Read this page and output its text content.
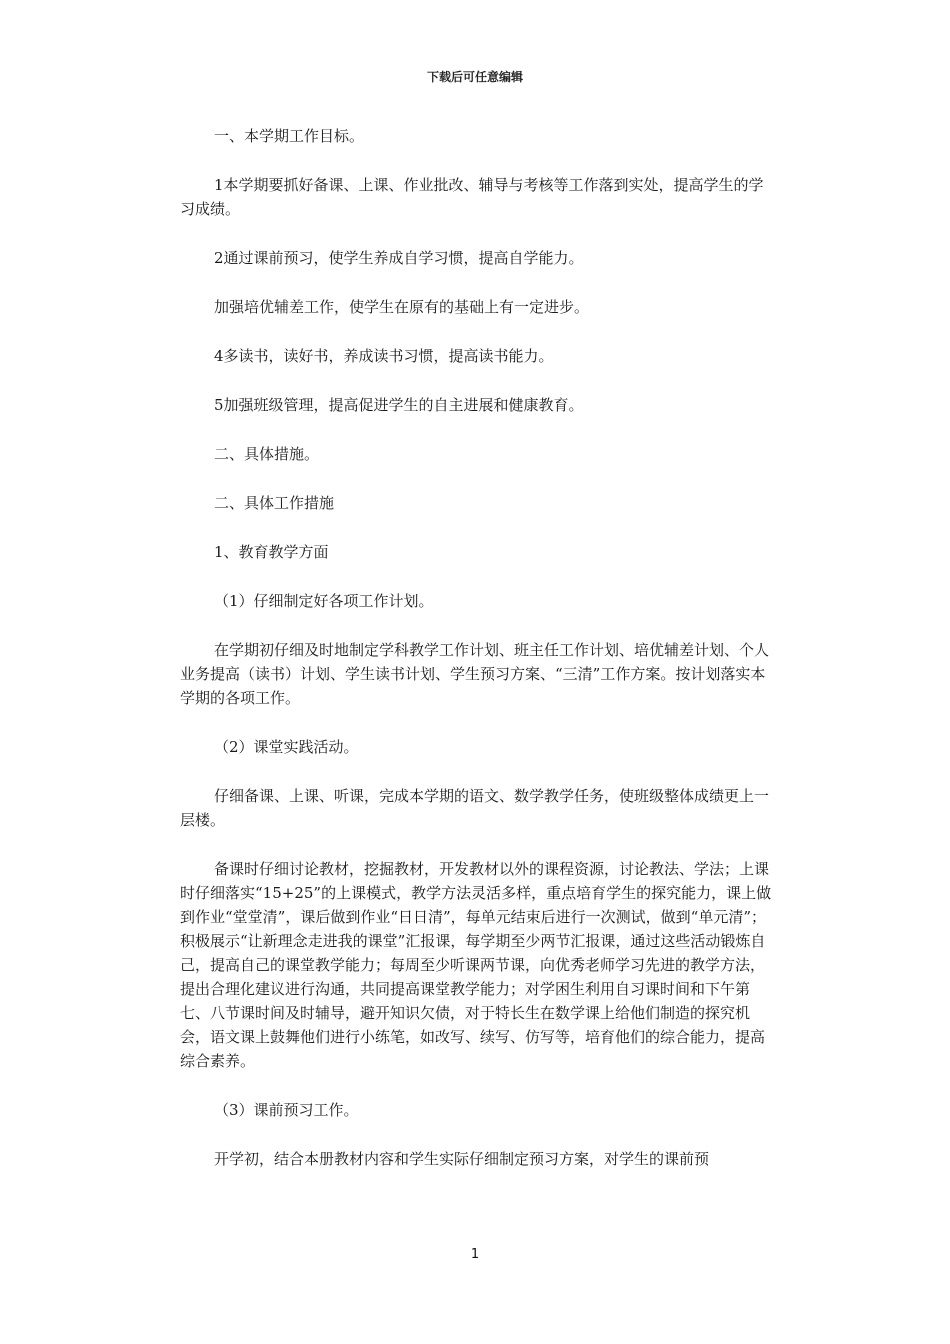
下载后可任意编辑

一、本学期工作目标。

1本学期要抓好备课、上课、作业批改、辅导与考核等工作落到实处，提高学生的学习成绩。

2通过课前预习，使学生养成自学习惯，提高自学能力。

加强培优辅差工作，使学生在原有的基础上有一定进步。

4多读书，读好书，养成读书习惯，提高读书能力。

5加强班级管理，提高促进学生的自主进展和健康教育。

二、具体措施。

二、具体工作措施

1、教育教学方面

（1）仔细制定好各项工作计划。

在学期初仔细及时地制定学科教学工作计划、班主任工作计划、培优辅差计划、个人业务提高（读书）计划、学生读书计划、学生预习方案、“三清”工作方案。按计划落实本学期的各项工作。

（2）课堂实践活动。

仔细备课、上课、听课，完成本学期的语文、数学教学任务，使班级整体成绩更上一层楼。

备课时仔细讨论教材，挖掘教材，开发教材以外的课程资源，讨论教法、学法；上课时仔细落实“15+25”的上课模式，教学方法灵活多样，重点培育学生的探究能力，课上做到作业“堂堂清”，课后做到作业“日日清”，每单元结束后进行一次测试，做到“单元清”；积极展示“让新理念走进我的课堂”汇报课，每学期至少两节汇报课，通过这些活动锻炼自己，提高自己的课堂教学能力；每周至少听课两节课，向优秀老师学习先进的教学方法，提出合理化建议进行沟通，共同提高课堂教学能力；对学困生利用自习课时间和下午第七、八节课时间及时辅导，避开知识欠债，对于特长生在数学课上给他们制造的探究机会，语文课上鼓舞他们进行小练笔，如改写、续写、仿写等，培育他们的综合能力，提高综合素养。

（3）课前预习工作。

开学初，结合本册教材内容和学生实际仔细制定预习方案，对学生的课前预

1
